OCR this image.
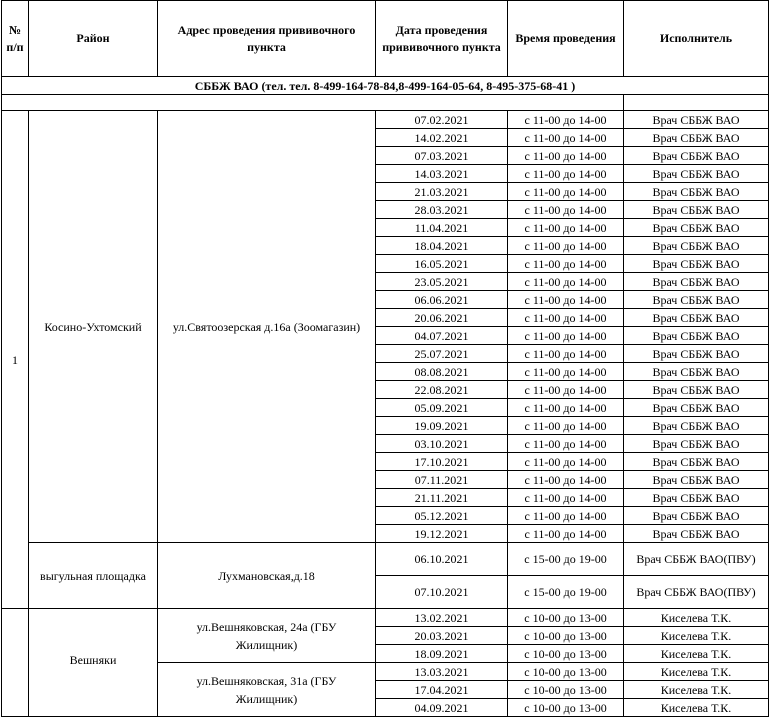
№ п/п	Район	Адрес проведения прививочного пункта	Дата проведения прививочного пункта	Время проведения	Исполнитель
СББЖ ВАО (тел. тел. 8-499-164-78-84,8-499-164-05-64, 8-495-375-68-41 )					

1	Косино-Ухтомский	ул.Святоозерская д.16а (Зоомагазин)	07.02.2021	с 11-00 до 14-00	Врач СББЖ ВАО
			14.02.2021	с 11-00 до 14-00	Врач СББЖ ВАО
			07.03.2021	с 11-00 до 14-00	Врач СББЖ ВАО
			14.03.2021	с 11-00 до 14-00	Врач СББЖ ВАО
			21.03.2021	с 11-00 до 14-00	Врач СББЖ ВАО
			28.03.2021	с 11-00 до 14-00	Врач СББЖ ВАО
			11.04.2021	с 11-00 до 14-00	Врач СББЖ ВАО
			18.04.2021	с 11-00 до 14-00	Врач СББЖ ВАО
			16.05.2021	с 11-00 до 14-00	Врач СББЖ ВАО
			23.05.2021	с 11-00 до 14-00	Врач СББЖ ВАО
			06.06.2021	с 11-00 до 14-00	Врач СББЖ ВАО
			20.06.2021	с 11-00 до 14-00	Врач СББЖ ВАО
			04.07.2021	с 11-00 до 14-00	Врач СББЖ ВАО
			25.07.2021	с 11-00 до 14-00	Врач СББЖ ВАО
			08.08.2021	с 11-00 до 14-00	Врач СББЖ ВАО
			22.08.2021	с 11-00 до 14-00	Врач СББЖ ВАО
			05.09.2021	с 11-00 до 14-00	Врач СББЖ ВАО
			19.09.2021	с 11-00 до 14-00	Врач СББЖ ВАО
			03.10.2021	с 11-00 до 14-00	Врач СББЖ ВАО
			17.10.2021	с 11-00 до 14-00	Врач СББЖ ВАО
			07.11.2021	с 11-00 до 14-00	Врач СББЖ ВАО
			21.11.2021	с 11-00 до 14-00	Врач СББЖ ВАО
			05.12.2021	с 11-00 до 14-00	Врач СББЖ ВАО
			19.12.2021	с 11-00 до 14-00	Врач СББЖ ВАО
	выгульная площадка	Лухмановская,д.18	06.10.2021	с 15-00 до 19-00	Врач СББЖ ВАО(ПВУ)
			07.10.2021	с 15-00 до 19-00	Врач СББЖ ВАО(ПВУ)
	Вешняки	ул.Вешняковская, 24а (ГБУ Жилищник)	13.02.2021	с 10-00 до 13-00	Киселева Т.К.
			20.03.2021	с 10-00 до 13-00	Киселева Т.К.
			18.09.2021	с 10-00 до 13-00	Киселева Т.К.
		ул.Вешняковская, 31а (ГБУ Жилищник)	13.03.2021	с 10-00 до 13-00	Киселева Т.К.
			17.04.2021	с 10-00 до 13-00	Киселева Т.К.
			04.09.2021	с 10-00 до 13-00	Киселева Т.К.
